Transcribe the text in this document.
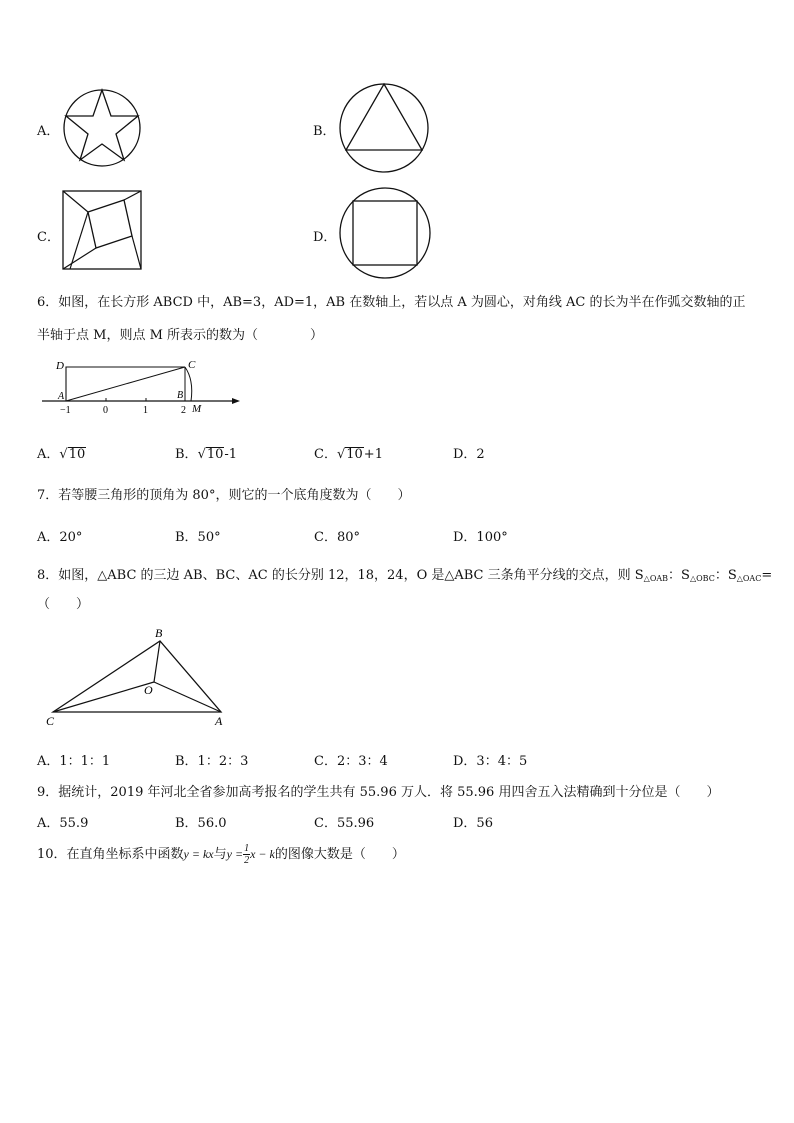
A．	B．
C．	D．
6．如图，在长方形 ABCD 中，AB=3，AD=1，AB 在数轴上，若以点 A 为圆心，对角线 AC 的长为半在作弧交数轴的正
半轴于点 M，则点 M 所表示的数为（　　　　）
D	C
A	B
M
−1	0	1	2
A．√10	B．√10-1	C．√10+1	D．2
7．若等腰三角形的顶角为 80°，则它的一个底角度数为（　　）
A．20°	B．50°	C．80°	D．100°
8．如图，△ABC 的三边 AB、BC、AC 的长分别 12，18，24，O 是△ABC 三条角平分线的交点，则 $S_{\triangle OAB}$：$S_{\triangle OBC}$：$S_{\triangle OAC}=$
（　　）
B
O
C	A
A．1：1：1	B．1：2：3	C．2：3：4	D．3：4：5
9．据统计，2019 年河北全省参加高考报名的学生共有 55.96 万人．将 55.96 用四舍五入法精确到十分位是（　　）
A．55.9	B．56.0	C．55.96	D．56
10．在直角坐标系中函数y = kx与$y = \frac{1}{2}$ x − k的图像大数是（　　）
